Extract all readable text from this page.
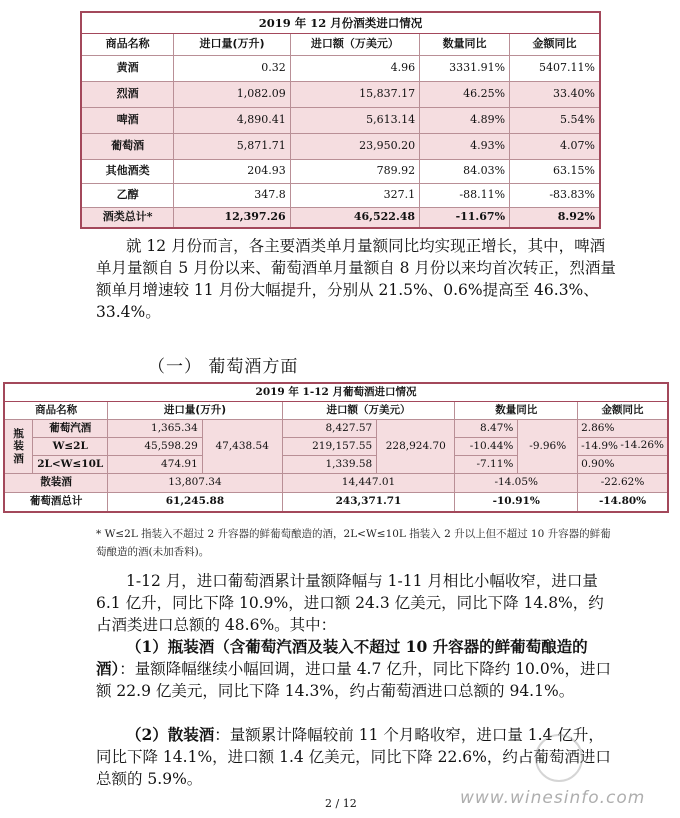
2019 年 12 月份酒类进口情况				
商品名称	进口量(万升)	进口额（万美元）	数量同比	金额同比
黄酒	0.32	4.96	3331.91%	5407.11%
烈酒	1,082.09	15,837.17	46.25%	33.40%
啤酒	4,890.41	5,613.14	4.89%	5.54%
葡萄酒	5,871.71	23,950.20	4.93%	4.07%
其他酒类	204.93	789.92	84.03%	63.15%
乙醇	347.8	327.1	-88.11%	-83.83%
酒类总计*	12,397.26	46,522.48	-11.67%	8.92%
就 12 月份而言，各主要酒类单月量额同比均实现正增长，其中，啤酒单月量额自 5 月份以来、葡萄酒单月量额自 8 月份以来均首次转正，烈酒量额单月增速较 11 月份大幅提升，分别从 21.5%、0.6%提高至 46.3%、33.4%。
（一） 葡萄酒方面
2019 年 1-12 月葡萄酒进口情况								
商品名称		进口量(万升)		进口额（万美元）		数量同比		金额同比
瓶装酒	葡萄汽酒	1,365.34	47,438.54	8,427.57	228,924.70	8.47%	-9.96%	2.86%
	W≤2L	45,598.29		219,157.55		-10.44%		-14.9% -14.26%

	2L<W≤10L	474.91		1,339.58		-7.11%		0.90%
散装酒		13,807.34		14,447.01		-14.05%		-22.62%
葡萄酒总计		61,245.88		243,371.71		-10.91%		-14.80%
* W≤2L 指装入不超过 2 升容器的鲜葡萄酿造的酒，2L<W≤10L 指装入 2 升以上但不超过 10 升容器的鲜葡萄酿造的酒(未加香料)。
1-12 月，进口葡萄酒累计量额降幅与 1-11 月相比小幅收窄，进口量 6.1 亿升，同比下降 10.9%，进口额 24.3 亿美元，同比下降 14.8%，约占酒类进口总额的 48.6%。其中：
（1）瓶装酒（含葡萄汽酒及装入不超过 10 升容器的鲜葡萄酿造的酒）：量额降幅继续小幅回调，进口量 4.7 亿升，同比下降约 10.0%，进口额 22.9 亿美元，同比下降 14.3%，约占葡萄酒进口总额的 94.1%。
（2）散装酒：量额累计降幅较前 11 个月略收窄，进口量 1.4 亿升，同比下降 14.1%，进口额 1.4 亿美元，同比下降 22.6%，约占葡萄酒进口总额的 5.9%。
2 / 12	www.winesinfo.com
